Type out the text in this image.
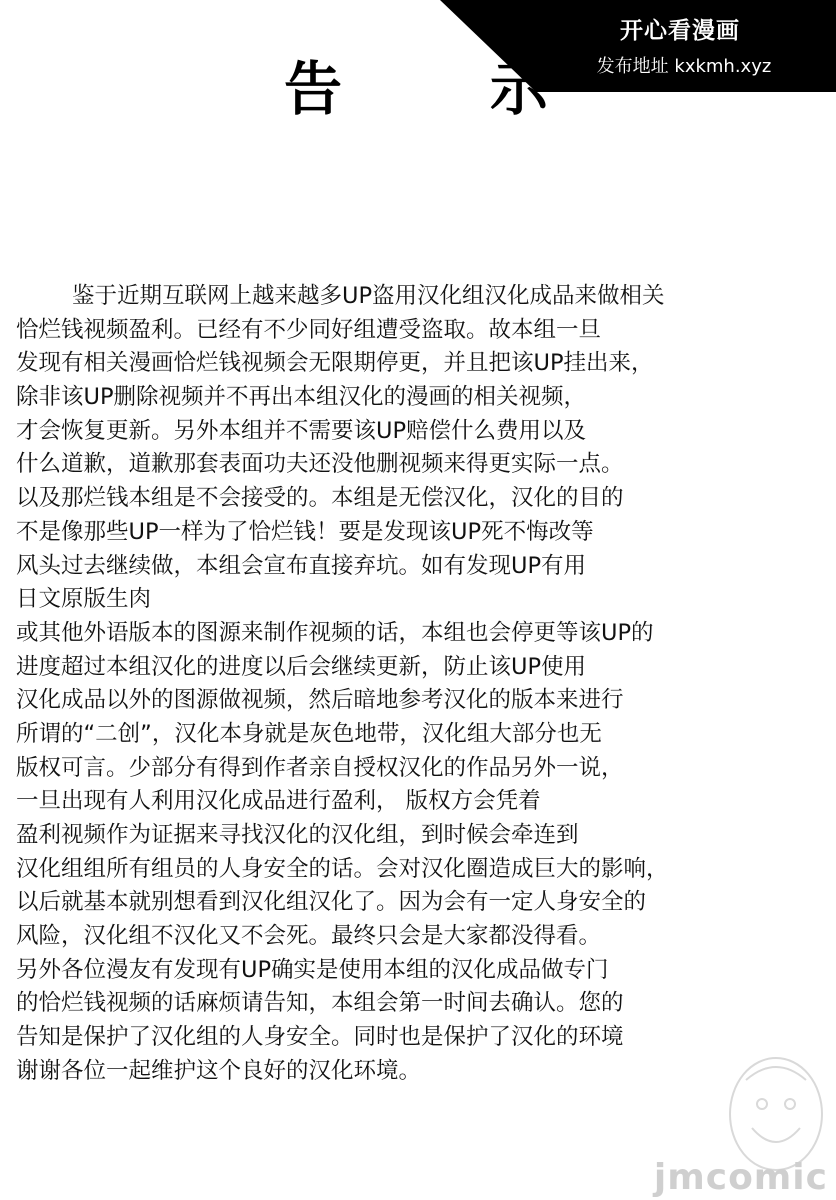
开心看漫画
发布地址 kxkmh.xyz
告	示
鉴于近期互联网上越来越多UP盗用汉化组汉化成品来做相关
恰烂钱视频盈利。已经有不少同好组遭受盗取。故本组一旦
发现有相关漫画恰烂钱视频会无限期停更，并且把该UP挂出来，
除非该UP删除视频并不再出本组汉化的漫画的相关视频，
才会恢复更新。另外本组并不需要该UP赔偿什么费用以及
什么道歉，道歉那套表面功夫还没他删视频来得更实际一点。
以及那烂钱本组是不会接受的。本组是无偿汉化，汉化的目的
不是像那些UP一样为了恰烂钱！要是发现该UP死不悔改等
风头过去继续做，本组会宣布直接弃坑。如有发现UP有用
日文原版生肉
或其他外语版本的图源来制作视频的话，本组也会停更等该UP的
进度超过本组汉化的进度以后会继续更新，防止该UP使用
汉化成品以外的图源做视频，然后暗地参考汉化的版本来进行
所谓的“二创”，汉化本身就是灰色地带，汉化组大部分也无
版权可言。少部分有得到作者亲自授权汉化的作品另外一说，
一旦出现有人利用汉化成品进行盈利， 版权方会凭着
盈利视频作为证据来寻找汉化的汉化组，到时候会牵连到
汉化组组所有组员的人身安全的话。会对汉化圈造成巨大的影响，
以后就基本就别想看到汉化组汉化了。因为会有一定人身安全的
风险，汉化组不汉化又不会死。最终只会是大家都没得看。
另外各位漫友有发现有UP确实是使用本组的汉化成品做专门
的恰烂钱视频的话麻烦请告知，本组会第一时间去确认。您的
告知是保护了汉化组的人身安全。同时也是保护了汉化的环境
谢谢各位一起维护这个良好的汉化环境。
jmcomic
